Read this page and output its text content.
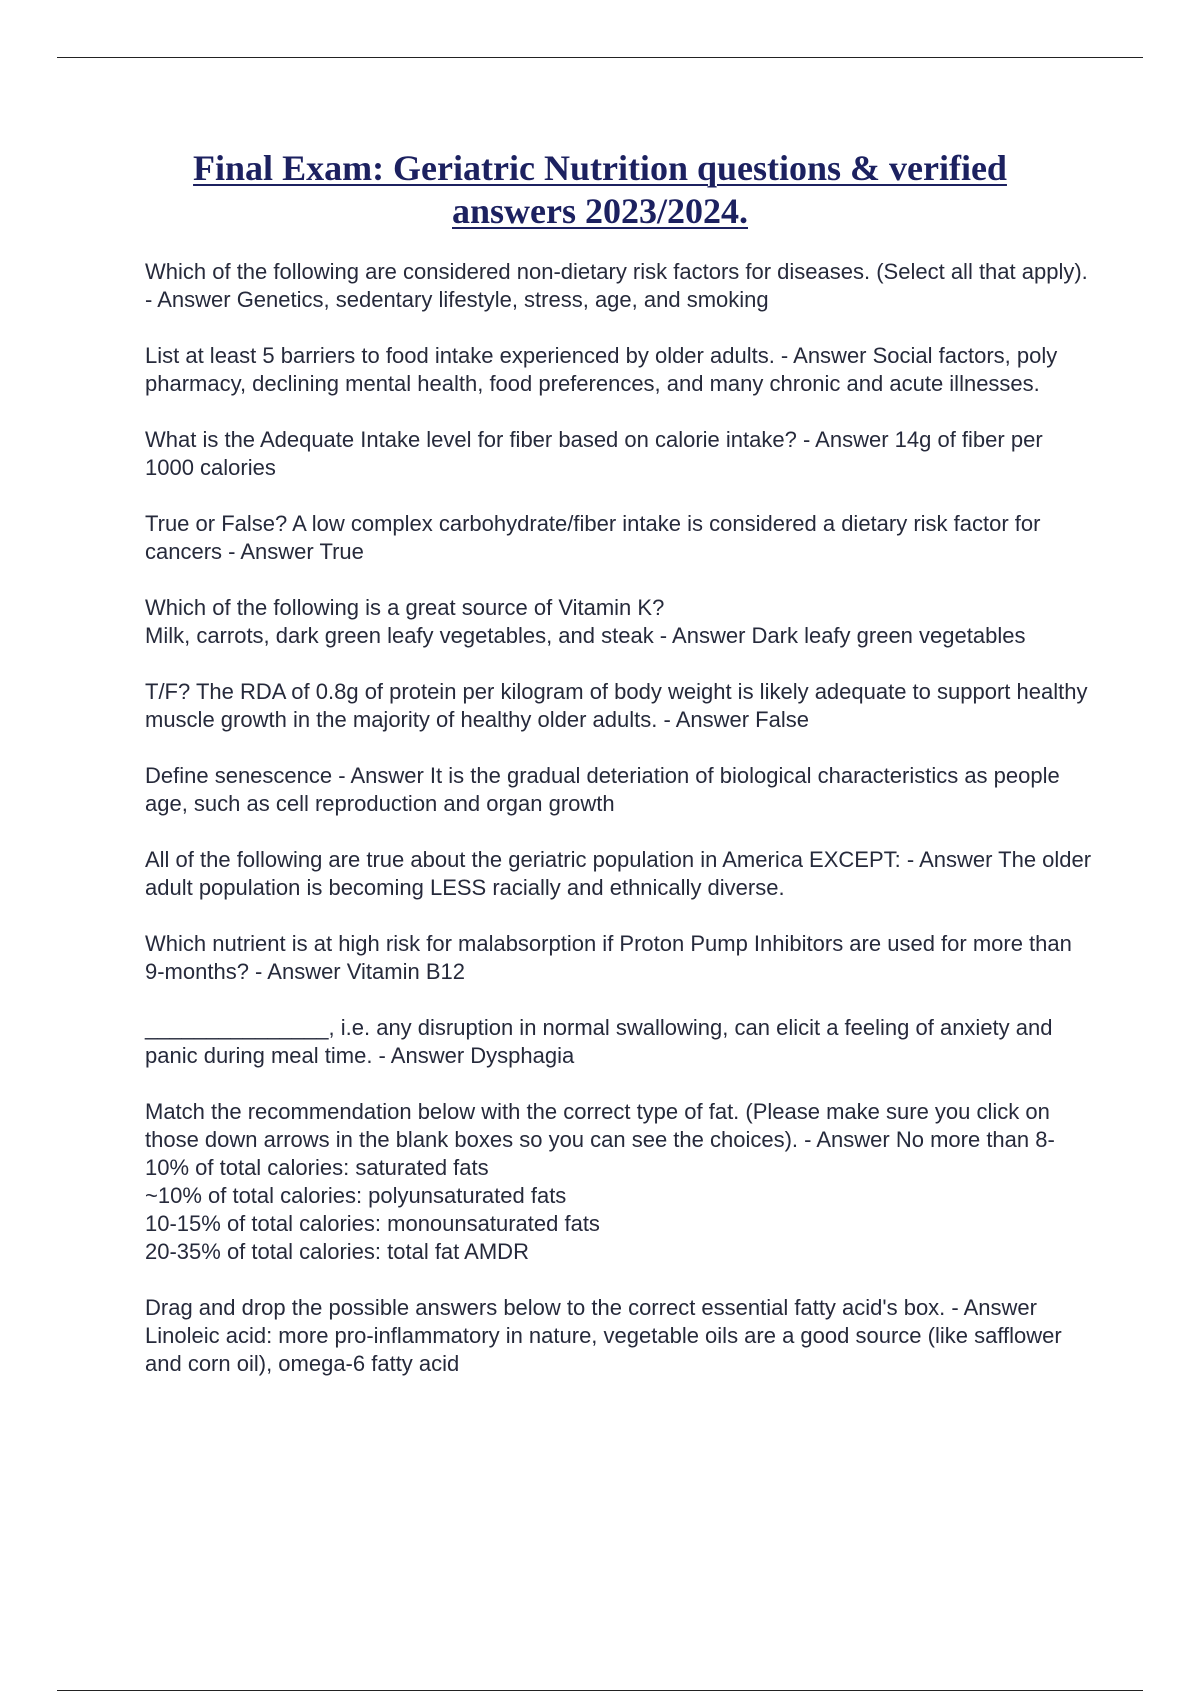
Final Exam: Geriatric Nutrition questions & verified answers 2023/2024.

Which of the following are considered non-dietary risk factors for diseases. (Select all that apply). - Answer Genetics, sedentary lifestyle, stress, age, and smoking

List at least 5 barriers to food intake experienced by older adults. - Answer Social factors, poly pharmacy, declining mental health, food preferences, and many chronic and acute illnesses.

What is the Adequate Intake level for fiber based on calorie intake? - Answer 14g of fiber per 1000 calories

True or False? A low complex carbohydrate/fiber intake is considered a dietary risk factor for cancers - Answer True

Which of the following is a great source of Vitamin K?
Milk, carrots, dark green leafy vegetables, and steak - Answer Dark leafy green vegetables

T/F? The RDA of 0.8g of protein per kilogram of body weight is likely adequate to support healthy muscle growth in the majority of healthy older adults. - Answer False

Define senescence - Answer It is the gradual deteriation of biological characteristics as people age, such as cell reproduction and organ growth

All of the following are true about the geriatric population in America EXCEPT: - Answer The older adult population is becoming LESS racially and ethnically diverse.

Which nutrient is at high risk for malabsorption if Proton Pump Inhibitors are used for more than 9-months? - Answer Vitamin B12

_______________, i.e. any disruption in normal swallowing, can elicit a feeling of anxiety and panic during meal time. - Answer Dysphagia

Match the recommendation below with the correct type of fat. (Please make sure you click on those down arrows in the blank boxes so you can see the choices). - Answer No more than 8-10% of total calories: saturated fats
~10% of total calories: polyunsaturated fats
10-15% of total calories: monounsaturated fats
20-35% of total calories: total fat AMDR

Drag and drop the possible answers below to the correct essential fatty acid's box. - Answer Linoleic acid: more pro-inflammatory in nature, vegetable oils are a good source (like safflower and corn oil), omega-6 fatty acid
